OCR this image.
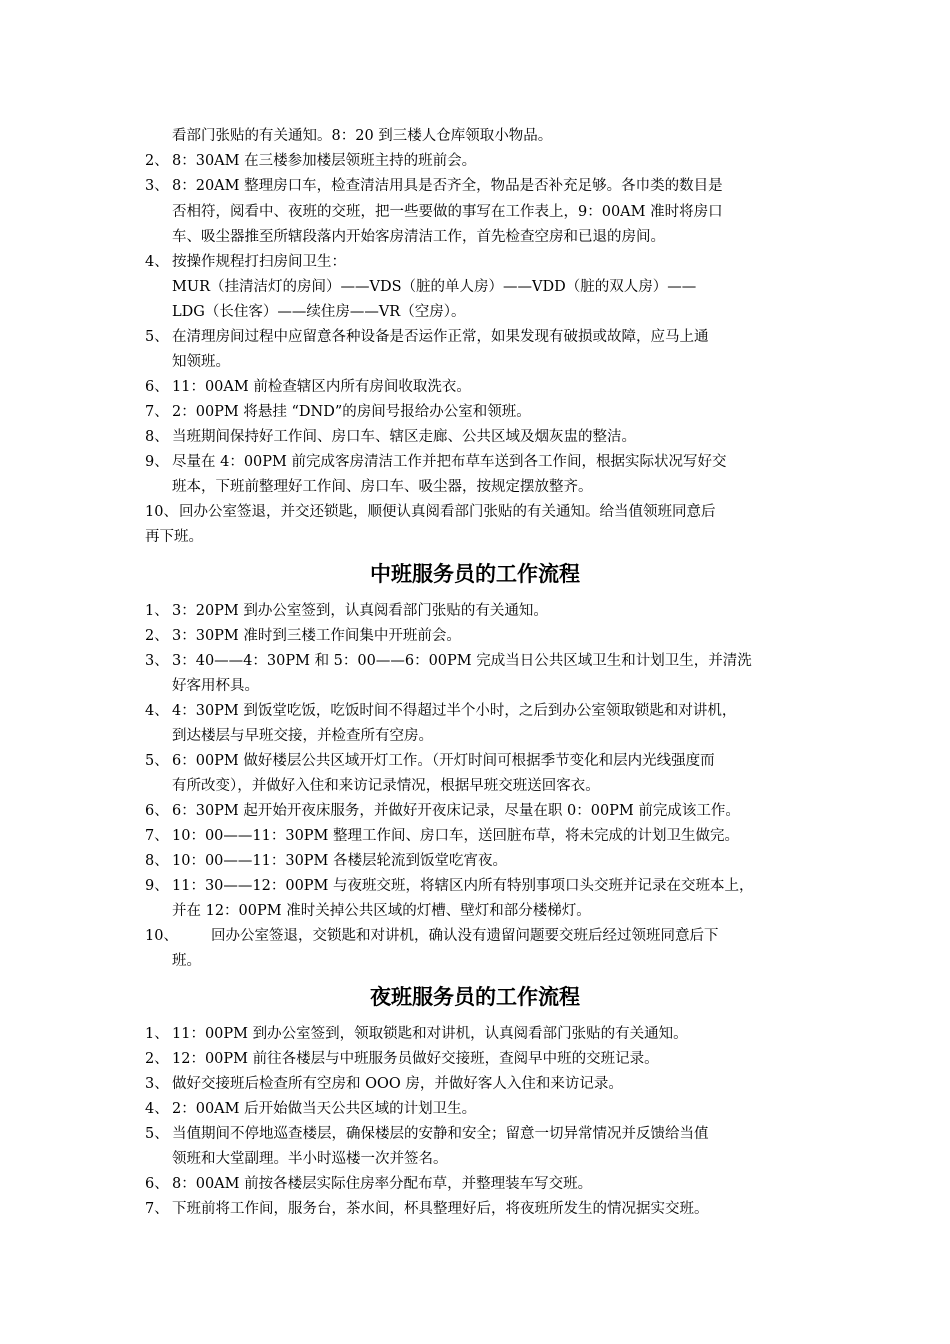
看部门张贴的有关通知。8：20 到三楼人仓库领取小物品。
2、 8：30AM 在三楼参加楼层领班主持的班前会。
3、 8：20AM 整理房口车，检查清洁用具是否齐全，物品是否补充足够。各巾类的数目是
否相符，阅看中、夜班的交班，把一些要做的事写在工作表上，9：00AM 准时将房口
车、吸尘器推至所辖段落内开始客房清洁工作，首先检查空房和已退的房间。
4、 按操作规程打扫房间卫生：
MUR（挂清洁灯的房间）——VDS（脏的单人房）——VDD（脏的双人房）——
LDG（长住客）——续住房——VR（空房）。
5、 在清理房间过程中应留意各种设备是否运作正常，如果发现有破损或故障，应马上通
知领班。
6、 11：00AM 前检查辖区内所有房间收取洗衣。
7、 2：00PM 将悬挂 “DND”的房间号报给办公室和领班。
8、 当班期间保持好工作间、房口车、辖区走廊、公共区域及烟灰盅的整洁。
9、 尽量在 4：00PM 前完成客房清洁工作并把布草车送到各工作间，根据实际状况写好交
班本，下班前整理好工作间、房口车、吸尘器，按规定摆放整齐。
10、 回办公室签退，并交还锁匙，顺便认真阅看部门张贴的有关通知。给当值领班同意后
再下班。
中班服务员的工作流程
1、 3：20PM 到办公室签到，认真阅看部门张贴的有关通知。
2、 3：30PM 准时到三楼工作间集中开班前会。
3、 3：40——4：30PM 和 5：00——6：00PM 完成当日公共区域卫生和计划卫生，并清洗
好客用杯具。
4、 4：30PM 到饭堂吃饭，吃饭时间不得超过半个小时，之后到办公室领取锁匙和对讲机，
到达楼层与早班交接，并检查所有空房。
5、 6：00PM 做好楼层公共区域开灯工作。（开灯时间可根据季节变化和层内光线强度而
有所改变），并做好入住和来访记录情况，根据早班交班送回客衣。
6、 6：30PM 起开始开夜床服务，并做好开夜床记录，尽量在职 0：00PM 前完成该工作。
7、 10：00——11：30PM 整理工作间、房口车，送回脏布草，将未完成的计划卫生做完。
8、 10：00——11：30PM 各楼层轮流到饭堂吃宵夜。
9、 11：30——12：00PM 与夜班交班，将辖区内所有特别事项口头交班并记录在交班本上，
并在 12：00PM 准时关掉公共区域的灯槽、壁灯和部分楼梯灯。
10、 回办公室签退，交锁匙和对讲机，确认没有遗留问题要交班后经过领班同意后下
班。
夜班服务员的工作流程
1、 11：00PM 到办公室签到，领取锁匙和对讲机，认真阅看部门张贴的有关通知。
2、 12：00PM 前往各楼层与中班服务员做好交接班，查阅早中班的交班记录。
3、 做好交接班后检查所有空房和 OOO 房，并做好客人入住和来访记录。
4、 2：00AM 后开始做当天公共区域的计划卫生。
5、 当值期间不停地巡查楼层，确保楼层的安静和安全；留意一切异常情况并反馈给当值
领班和大堂副理。半小时巡楼一次并签名。
6、 8：00AM 前按各楼层实际住房率分配布草，并整理装车写交班。
7、 下班前将工作间，服务台，茶水间，杯具整理好后，将夜班所发生的情况据实交班。
